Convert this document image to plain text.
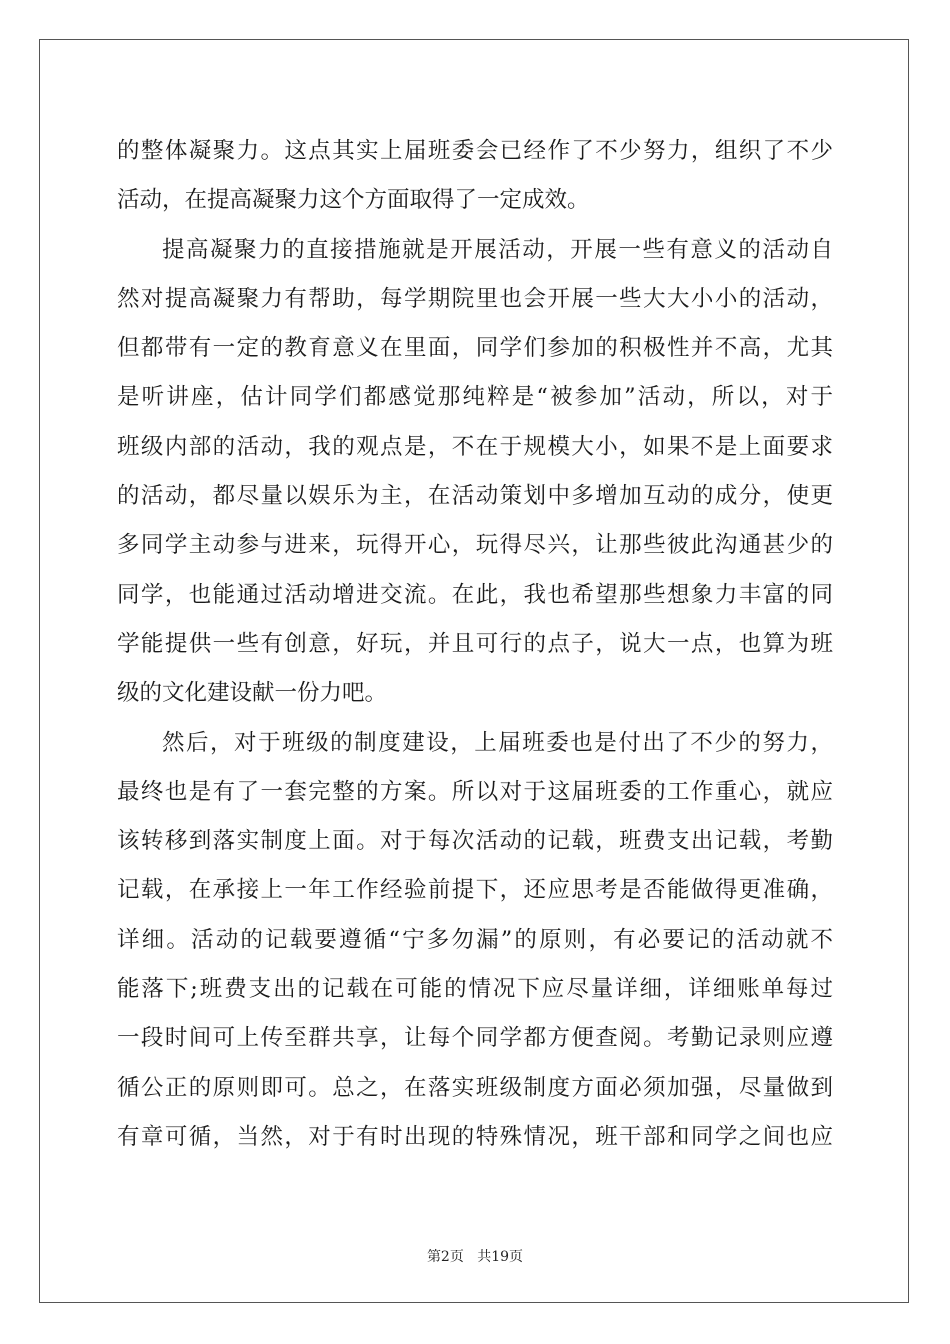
的整体凝聚力。这点其实上届班委会已经作了不少努力，组织了不少
活动，在提高凝聚力这个方面取得了一定成效。
提高凝聚力的直接措施就是开展活动，开展一些有意义的活动自
然对提高凝聚力有帮助，每学期院里也会开展一些大大小小的活动，
但都带有一定的教育意义在里面，同学们参加的积极性并不高，尤其
是听讲座，估计同学们都感觉那纯粹是“被参加”活动，所以，对于
班级内部的活动，我的观点是，不在于规模大小，如果不是上面要求
的活动，都尽量以娱乐为主，在活动策划中多增加互动的成分，使更
多同学主动参与进来，玩得开心，玩得尽兴，让那些彼此沟通甚少的
同学，也能通过活动增进交流。在此，我也希望那些想象力丰富的同
学能提供一些有创意，好玩，并且可行的点子，说大一点，也算为班
级的文化建设献一份力吧。
然后，对于班级的制度建设，上届班委也是付出了不少的努力，
最终也是有了一套完整的方案。所以对于这届班委的工作重心，就应
该转移到落实制度上面。对于每次活动的记载，班费支出记载，考勤
记载，在承接上一年工作经验前提下，还应思考是否能做得更准确，
详细。活动的记载要遵循“宁多勿漏”的原则，有必要记的活动就不
能落下;班费支出的记载在可能的情况下应尽量详细，详细账单每过
一段时间可上传至群共享，让每个同学都方便查阅。考勤记录则应遵
循公正的原则即可。总之，在落实班级制度方面必须加强，尽量做到
有章可循，当然，对于有时出现的特殊情况，班干部和同学之间也应
第2页 共19页
